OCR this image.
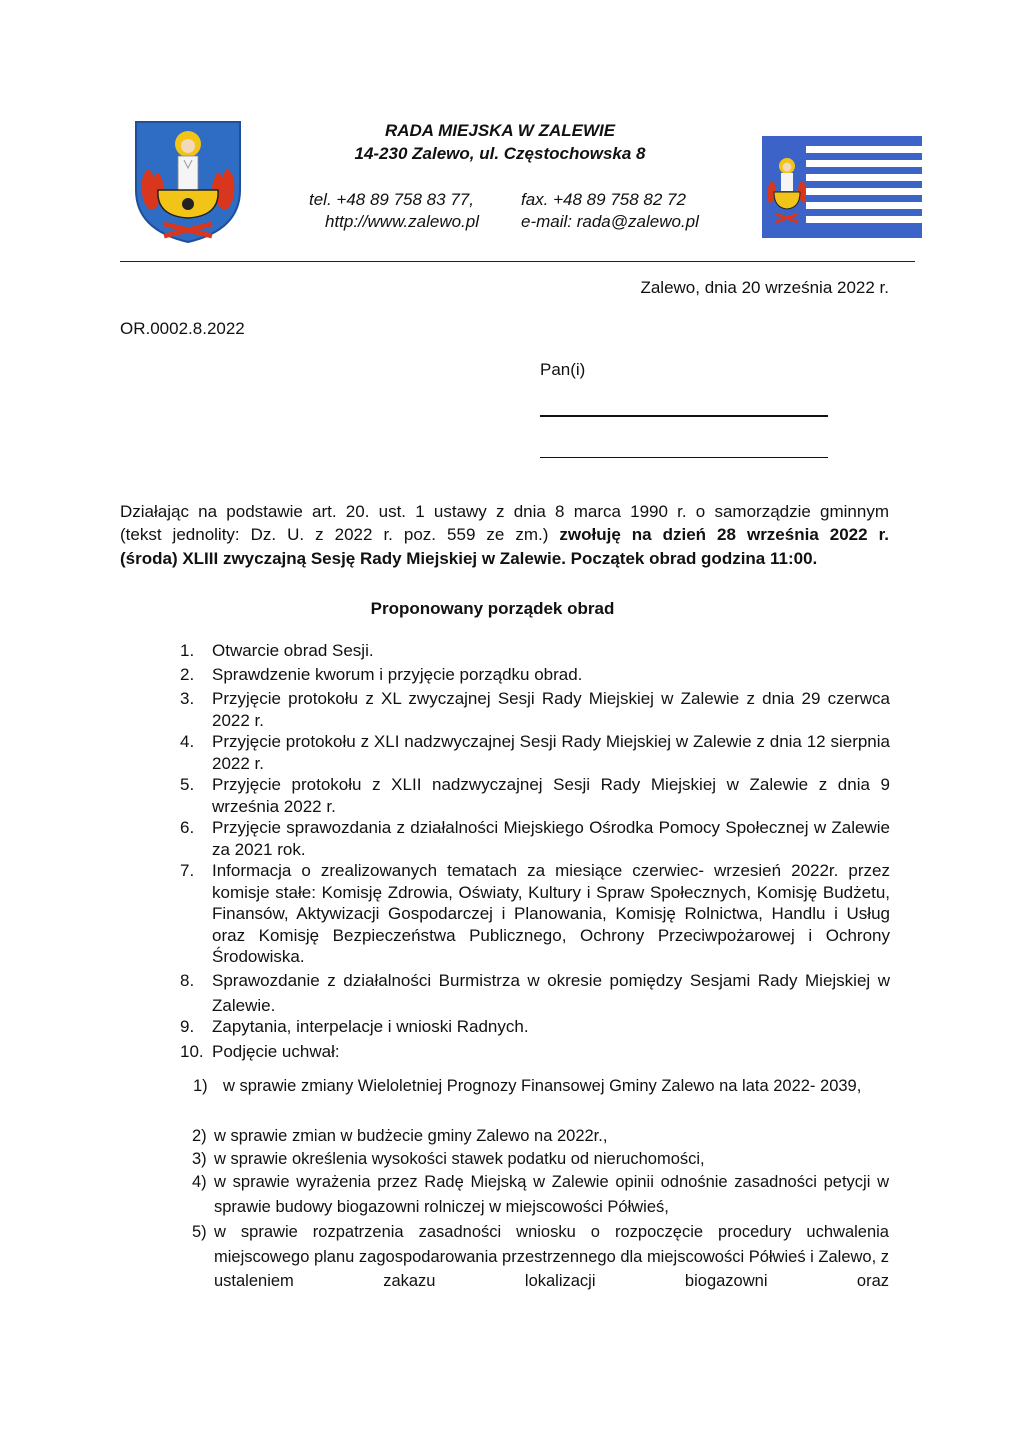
RADA MIEJSKA W ZALEWIE
14-230 Zalewo, ul. Częstochowska 8
tel. +48 89 758 83 77,	fax. +48 89 758 82 72
http://www.zalewo.pl e-mail: rada@zalewo.pl
Zalewo, dnia 20 września 2022 r.
OR.0002.8.2022
Pan(i)
Działając na podstawie art. 20. ust. 1 ustawy z dnia 8 marca 1990 r. o samorządzie gminnym
(tekst jednolity: Dz. U. z 2022 r. poz. 559 ze zm.) zwołuję na dzień 28 września 2022 r.
(środa) XLIII zwyczajną Sesję Rady Miejskiej w Zalewie. Początek obrad godzina 11:00.
Proponowany porządek obrad
1.	Otwarcie obrad Sesji.
2.	Sprawdzenie kworum i przyjęcie porządku obrad.
3.	Przyjęcie protokołu z XL zwyczajnej Sesji Rady Miejskiej w Zalewie z dnia 29 czerwca 2022 r.
4.	Przyjęcie protokołu z XLI nadzwyczajnej Sesji Rady Miejskiej w Zalewie z dnia 12 sierpnia 2022 r.
5.	Przyjęcie protokołu z XLII nadzwyczajnej Sesji Rady Miejskiej w Zalewie z dnia 9 września 2022 r.
6.	Przyjęcie sprawozdania z działalności Miejskiego Ośrodka Pomocy Społecznej w Zalewie za 2021 rok.
7.	Informacja o zrealizowanych tematach za miesiące czerwiec- wrzesień 2022r. przez komisje stałe: Komisję Zdrowia, Oświaty, Kultury i Spraw Społecznych, Komisję Budżetu, Finansów, Aktywizacji Gospodarczej i Planowania, Komisję Rolnictwa, Handlu i Usług oraz Komisję Bezpieczeństwa Publicznego, Ochrony Przeciwpożarowej i Ochrony Środowiska.
8.	Sprawozdanie z działalności Burmistrza w okresie pomiędzy Sesjami Rady Miejskiej w Zalewie.
9.	Zapytania, interpelacje i wnioski Radnych.
10. Podjęcie uchwał:
1) w sprawie zmiany Wieloletniej Prognozy Finansowej Gminy Zalewo na lata 2022- 2039,
2) w sprawie zmian w budżecie gminy Zalewo na 2022r.,
3) w sprawie określenia wysokości stawek podatku od nieruchomości,
4) w sprawie wyrażenia przez Radę Miejską w Zalewie opinii odnośnie zasadności petycji w sprawie budowy biogazowni rolniczej w miejscowości Półwieś,
5) w sprawie rozpatrzenia zasadności wniosku o rozpoczęcie procedury uchwalenia miejscowego planu zagospodarowania przestrzennego dla miejscowości Półwieś i Zalewo, z ustaleniem zakazu lokalizacji biogazowni oraz
